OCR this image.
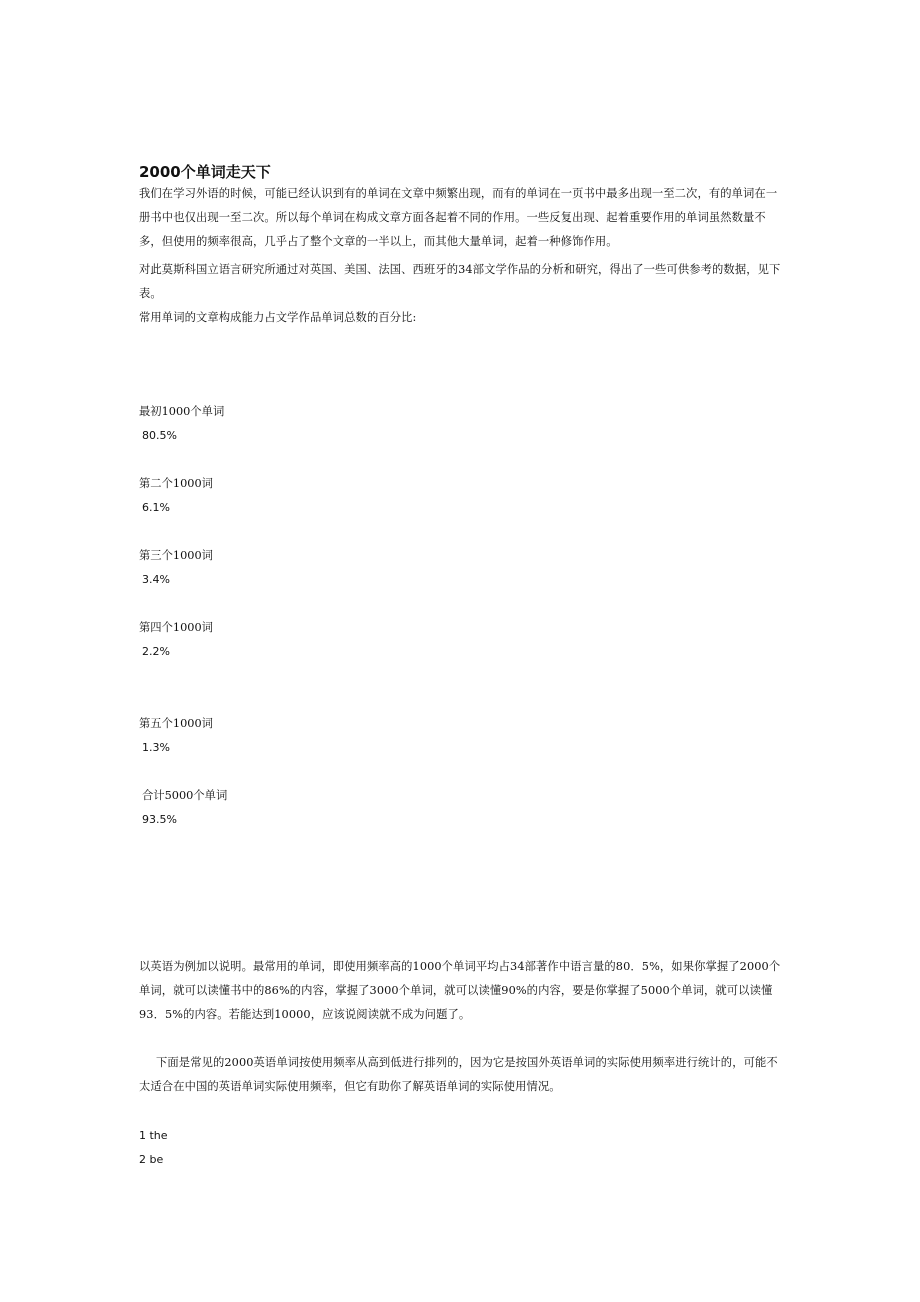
2000个单词走天下

我们在学习外语的时候，可能已经认识到有的单词在文章中频繁出现，而有的单词在一页书中最多出现一至二次，有的单词在一册书中也仅出现一至二次。所以每个单词在构成文章方面各起着不同的作用。一些反复出现、起着重要作用的单词虽然数量不多，但使用的频率很高，几乎占了整个文章的一半以上，而其他大量单词，起着一种修饰作用。

对此莫斯科国立语言研究所通过对英国、美国、法国、西班牙的34部文学作品的分析和研究，得出了一些可供参考的数据，见下表。

常用单词的文章构成能力占文学作品单词总数的百分比:

最初1000个单词
80.5%
第二个1000词
6.1%
第三个1000词
3.4%
第四个1000词
2.2%
第五个1000词
1.3%
合计5000个单词
93.5%

以英语为例加以说明。最常用的单词，即使用频率高的1000个单词平均占34部著作中语言量的80．5%，如果你掌握了2000个单词，就可以读懂书中的86%的内容，掌握了3000个单词，就可以读懂90%的内容，要是你掌握了5000个单词，就可以读懂93．5%的内容。若能达到10000，应该说阅读就不成为问题了。

下面是常见的2000英语单词按使用频率从高到低进行排列的，因为它是按国外英语单词的实际使用频率进行统计的，可能不太适合在中国的英语单词实际使用频率，但它有助你了解英语单词的实际使用情况。

1 the
2 be
